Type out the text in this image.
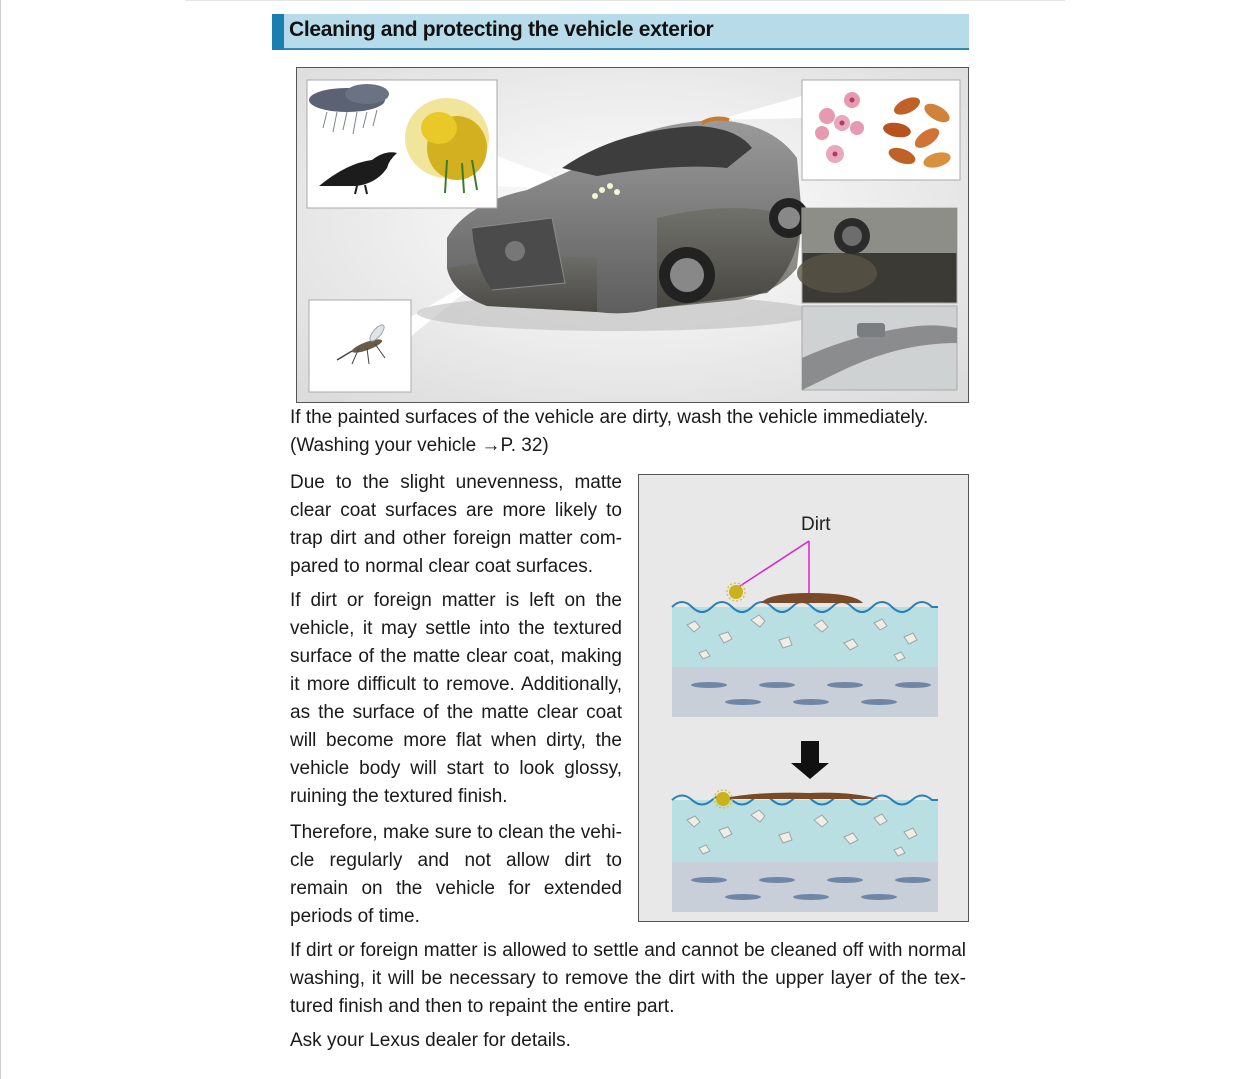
Cleaning and protecting the vehicle exterior

If the painted surfaces of the vehicle are dirty, wash the vehicle immediately.
(Washing your vehicle →P. 32)

Due to the slight unevenness, matte clear coat surfaces are more likely to trap dirt and other foreign matter compared to normal clear coat surfaces.

If dirt or foreign matter is left on the vehicle, it may settle into the textured surface of the matte clear coat, making it more difficult to remove. Additionally, as the surface of the matte clear coat will become more flat when dirty, the vehicle body will start to look glossy, ruining the textured finish.

Therefore, make sure to clean the vehicle regularly and not allow dirt to remain on the vehicle for extended periods of time.

Dirt

If dirt or foreign matter is allowed to settle and cannot be cleaned off with normal washing, it will be necessary to remove the dirt with the upper layer of the textured finish and then to repaint the entire part.

Ask your Lexus dealer for details.
